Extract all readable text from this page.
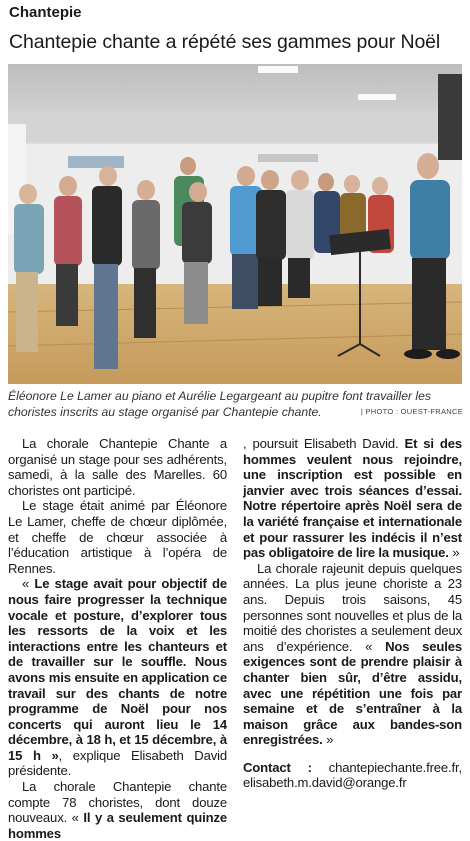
Chantepie
Chantepie chante a répété ses gammes pour Noël
Éléonore Le Lamer au piano et Aurélie Legargeant au pupitre font travailler les choristes inscrits au stage organisé par Chantepie chante.	| PHOTO : OUEST-FRANCE

La chorale Chantepie Chante a organisé un stage pour ses adhérents, samedi, à la salle des Marelles. 60 choristes ont participé.

Le stage était animé par Éléonore Le Lamer, cheffe de chœur diplômée, et cheffe de chœur associée à l’éducation artistique à l’opéra de Rennes.

« Le stage avait pour objectif de nous faire progresser la technique vocale et posture, d’explorer tous les ressorts de la voix et les interactions entre les chanteurs et de travailler sur le souffle. Nous avons mis ensuite en application ce travail sur des chants de notre programme de Noël pour nos concerts qui auront lieu le 14 décembre, à 18 h, et 15 décembre, à 15 h », explique Elisabeth David présidente.

La chorale Chantepie chante compte 78 choristes, dont douze nouveaux. « Il y a seulement quinze hommes

, poursuit Elisabeth David. Et si des hommes veulent nous rejoindre, une inscription est possible en janvier avec trois séances d’essai. Notre répertoire après Noël sera de la variété française et internationale et pour rassurer les indécis il n’est pas obligatoire de lire la musique. »

La chorale rajeunit depuis quelques années. La plus jeune choriste a 23 ans. Depuis trois saisons, 45 personnes sont nouvelles et plus de la moitié des choristes a seulement deux ans d’expérience. « Nos seules exigences sont de prendre plaisir à chanter bien sûr, d’être assidu, avec une répétition une fois par semaine et de s’entraîner à la maison grâce aux bandes-son enregistrées. »

Contact : chantepiechante.free.fr, elisabeth.m.david@orange.fr
